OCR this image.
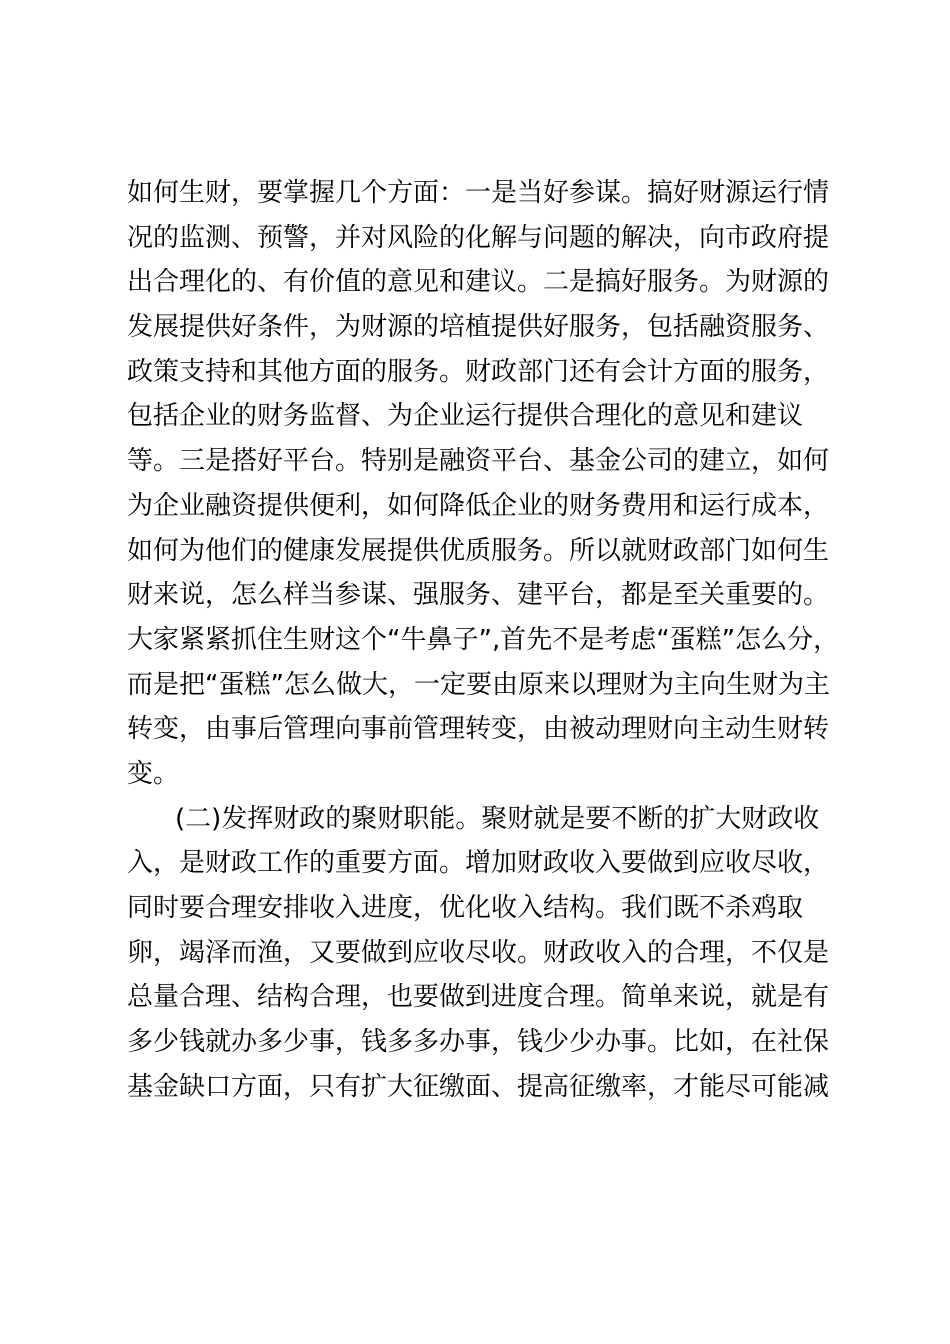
如何生财，要掌握几个方面：一是当好参谋。搞好财源运行情
况的监测、预警，并对风险的化解与问题的解决，向市政府提
出合理化的、有价值的意见和建议。二是搞好服务。为财源的
发展提供好条件，为财源的培植提供好服务，包括融资服务、
政策支持和其他方面的服务。财政部门还有会计方面的服务，
包括企业的财务监督、为企业运行提供合理化的意见和建议
等。三是搭好平台。特别是融资平台、基金公司的建立，如何
为企业融资提供便利，如何降低企业的财务费用和运行成本，
如何为他们的健康发展提供优质服务。所以就财政部门如何生
财来说，怎么样当参谋、强服务、建平台，都是至关重要的。
大家紧紧抓住生财这个“牛鼻子”,首先不是考虑“蛋糕”怎么分，
而是把“蛋糕”怎么做大，一定要由原来以理财为主向生财为主
转变，由事后管理向事前管理转变，由被动理财向主动生财转
变。
(二)发挥财政的聚财职能。聚财就是要不断的扩大财政收
入，是财政工作的重要方面。增加财政收入要做到应收尽收，
同时要合理安排收入进度，优化收入结构。我们既不杀鸡取
卵，竭泽而渔，又要做到应收尽收。财政收入的合理，不仅是
总量合理、结构合理，也要做到进度合理。简单来说，就是有
多少钱就办多少事，钱多多办事，钱少少办事。比如，在社保
基金缺口方面，只有扩大征缴面、提高征缴率，才能尽可能减
